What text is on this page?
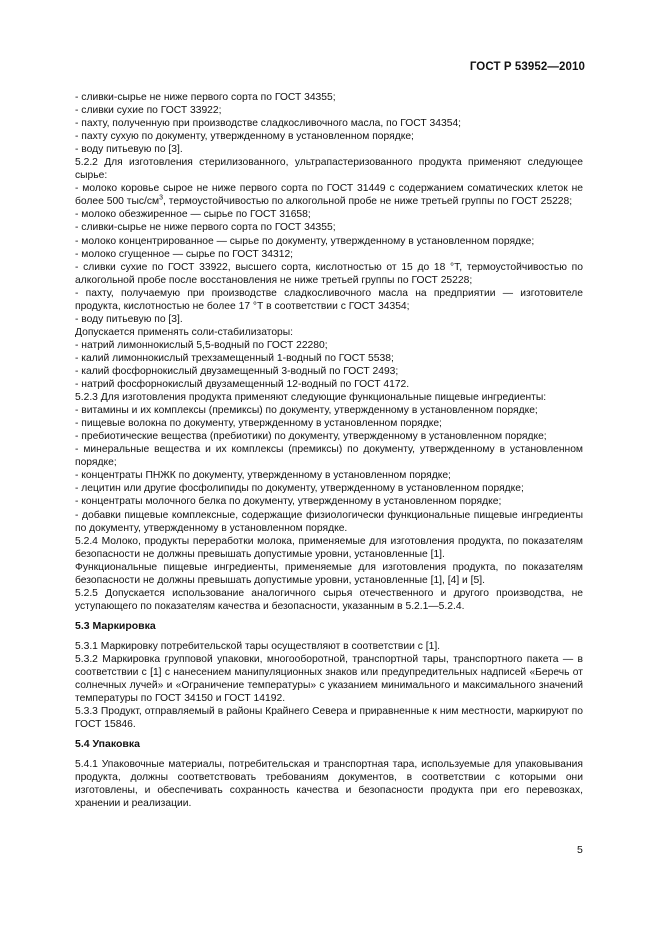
ГОСТ Р 53952—2010

- сливки-сырье не ниже первого сорта по ГОСТ 34355;

- сливки сухие по ГОСТ 33922;

- пахту, полученную при производстве сладкосливочного масла, по ГОСТ 34354;

- пахту сухую по документу, утвержденному в установленном порядке;

- воду питьевую по [3].

5.2.2 Для изготовления стерилизованного, ультрапастеризованного продукта применяют следующее сырье:

- молоко коровье сырое не ниже первого сорта по ГОСТ 31449 с содержанием соматических клеток не более 500 тыс/$см^3$, термоустойчивостью по алкогольной пробе не ниже третьей группы по ГОСТ 25228;

- молоко обезжиренное — сырье по ГОСТ 31658;

- сливки-сырье не ниже первого сорта по ГОСТ 34355;

- молоко концентрированное — сырье по документу, утвержденному в установленном порядке;

- молоко сгущенное — сырье по ГОСТ 34312;

- сливки сухие по ГОСТ 33922, высшего сорта, кислотностью от 15 до 18 °Т, термоустойчивостью по алкогольной пробе после восстановления не ниже третьей группы по ГОСТ 25228;

- пахту, получаемую при производстве сладкосливочного масла на предприятии — изготовителе продукта, кислотностью не более 17 °Т в соответствии с ГОСТ 34354;

- воду питьевую по [3].

Допускается применять соли-стабилизаторы:

- натрий лимоннокислый 5,5-водный по ГОСТ 22280;

- калий лимоннокислый трехзамещенный 1-водный по ГОСТ 5538;

- калий фосфорнокислый двузамещенный 3-водный по ГОСТ 2493;

- натрий фосфорнокислый двузамещенный 12-водный по ГОСТ 4172.

5.2.3 Для изготовления продукта применяют следующие функциональные пищевые ингредиенты:

- витамины и их комплексы (премиксы) по документу, утвержденному в установленном порядке;

- пищевые волокна по документу, утвержденному в установленном порядке;

- пребиотические вещества (пребиотики) по документу, утвержденному в установленном порядке;

- минеральные вещества и их комплексы (премиксы) по документу, утвержденному в установленном порядке;

- концентраты ПНЖК по документу, утвержденному в установленном порядке;

- лецитин или другие фосфолипиды по документу, утвержденному в установленном порядке;

- концентраты молочного белка по документу, утвержденному в установленном порядке;

- добавки пищевые комплексные, содержащие физиологически функциональные пищевые ингредиенты по документу, утвержденному в установленном порядке.

5.2.4 Молоко, продукты переработки молока, применяемые для изготовления продукта, по показателям безопасности не должны превышать допустимые уровни, установленные [1].

Функциональные пищевые ингредиенты, применяемые для изготовления продукта, по показателям безопасности не должны превышать допустимые уровни, установленные [1], [4] и [5].

5.2.5 Допускается использование аналогичного сырья отечественного и другого производства, не уступающего по показателям качества и безопасности, указанным в 5.2.1—5.2.4.

5.3 Маркировка

5.3.1 Маркировку потребительской тары осуществляют в соответствии с [1].

5.3.2 Маркировка групповой упаковки, многооборотной, транспортной тары, транспортного пакета — в соответствии с [1] с нанесением манипуляционных знаков или предупредительных надписей «Беречь от солнечных лучей» и «Ограничение температуры» с указанием минимального и максимального значений температуры по ГОСТ 34150 и ГОСТ 14192.

5.3.3 Продукт, отправляемый в районы Крайнего Севера и приравненные к ним местности, маркируют по ГОСТ 15846.

5.4 Упаковка

5.4.1 Упаковочные материалы, потребительская и транспортная тара, используемые для упаковывания продукта, должны соответствовать требованиям документов, в соответствии с которыми они изготовлены, и обеспечивать сохранность качества и безопасности продукта при его перевозках, хранении и реализации.

5
